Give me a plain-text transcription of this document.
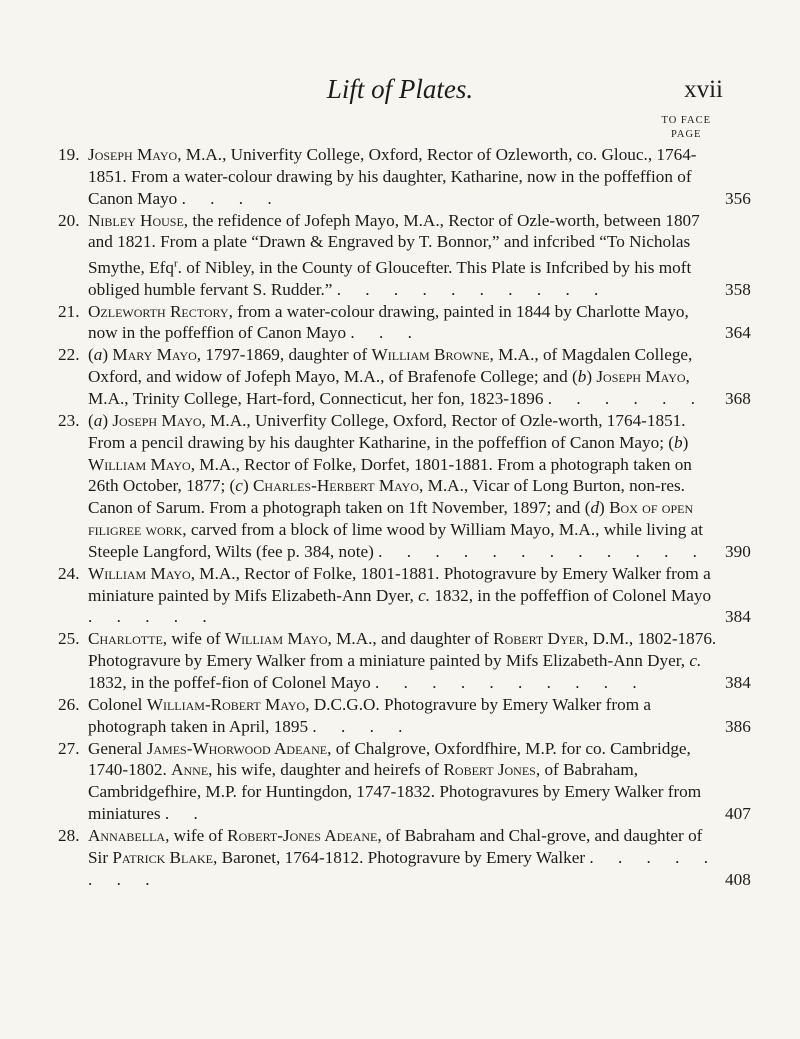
Lift of Plates.	xvii
TO FACE
PAGE
19. Joseph Mayo, M.A., Univerfity College, Oxford, Rector of Ozleworth, co. Glouc., 1764-1851. From a water-colour drawing by his daughter, Katharine, now in the poffeffion of Canon Mayo . . . .	356
20. Nibley House, the refidence of Jofeph Mayo, M.A., Rector of Ozle-worth, between 1807 and 1821. From a plate “Drawn & Engraved by T. Bonnor,” and infcribed “To Nicholas Smythe, Efq$^r$. of Nibley, in the County of Gloucefter. This Plate is Infcribed by his moft obliged humble fervant S. Rudder.” . . . . . . . . . .	358
21. Ozleworth Rectory, from a water-colour drawing, painted in 1844 by Charlotte Mayo, now in the poffeffion of Canon Mayo . . .	364
22. (a) Mary Mayo, 1797-1869, daughter of William Browne, M.A., of Magdalen College, Oxford, and widow of Jofeph Mayo, M.A., of Brafenofe College; and (b) Joseph Mayo, M.A., Trinity College, Hart-ford, Connecticut, her fon, 1823-1896 . . . . . . 368
23. (a) Joseph Mayo, M.A., Univerfity College, Oxford, Rector of Ozle-worth, 1764-1851. From a pencil drawing by his daughter Katharine, in the poffeffion of Canon Mayo; (b) William Mayo, M.A., Rector of Folke, Dorfet, 1801-1881. From a photograph taken on 26th October, 1877; (c) Charles-Herbert Mayo, M.A., Vicar of Long Burton, non-res. Canon of Sarum. From a photograph taken on 1ft November, 1897; and (d) Box of open filigree work, carved from a block of lime wood by William Mayo, M.A., while living at Steeple Langford, Wilts (fee p. 384, note) . . . . . . . . . . . . 390
24. William Mayo, M.A., Rector of Folke, 1801-1881. Photogravure by Emery Walker from a miniature painted by Mifs Elizabeth-Ann Dyer, c. 1832, in the poffeffion of Colonel Mayo . . . . .	384
25. Charlotte, wife of William Mayo, M.A., and daughter of Robert Dyer, D.M., 1802-1876. Photogravure by Emery Walker from a miniature painted by Mifs Elizabeth-Ann Dyer, c. 1832, in the poffef-fion of Colonel Mayo . . . . . . . . . .	384
26. Colonel William-Robert Mayo, D.C.G.O. Photogravure by Emery Walker from a photograph taken in April, 1895 . . . .	386
27. General James-Whorwood Adeane, of Chalgrove, Oxfordfhire, M.P. for co. Cambridge, 1740-1802. Anne, his wife, daughter and heirefs of Robert Jones, of Babraham, Cambridgefhire, M.P. for Huntingdon, 1747-1832. Photogravures by Emery Walker from miniatures . .	407
28. Annabella, wife of Robert-Jones Adeane, of Babraham and Chal-grove, and daughter of Sir Patrick Blake, Baronet, 1764-1812. Photogravure by Emery Walker . . . . . . . .	408
